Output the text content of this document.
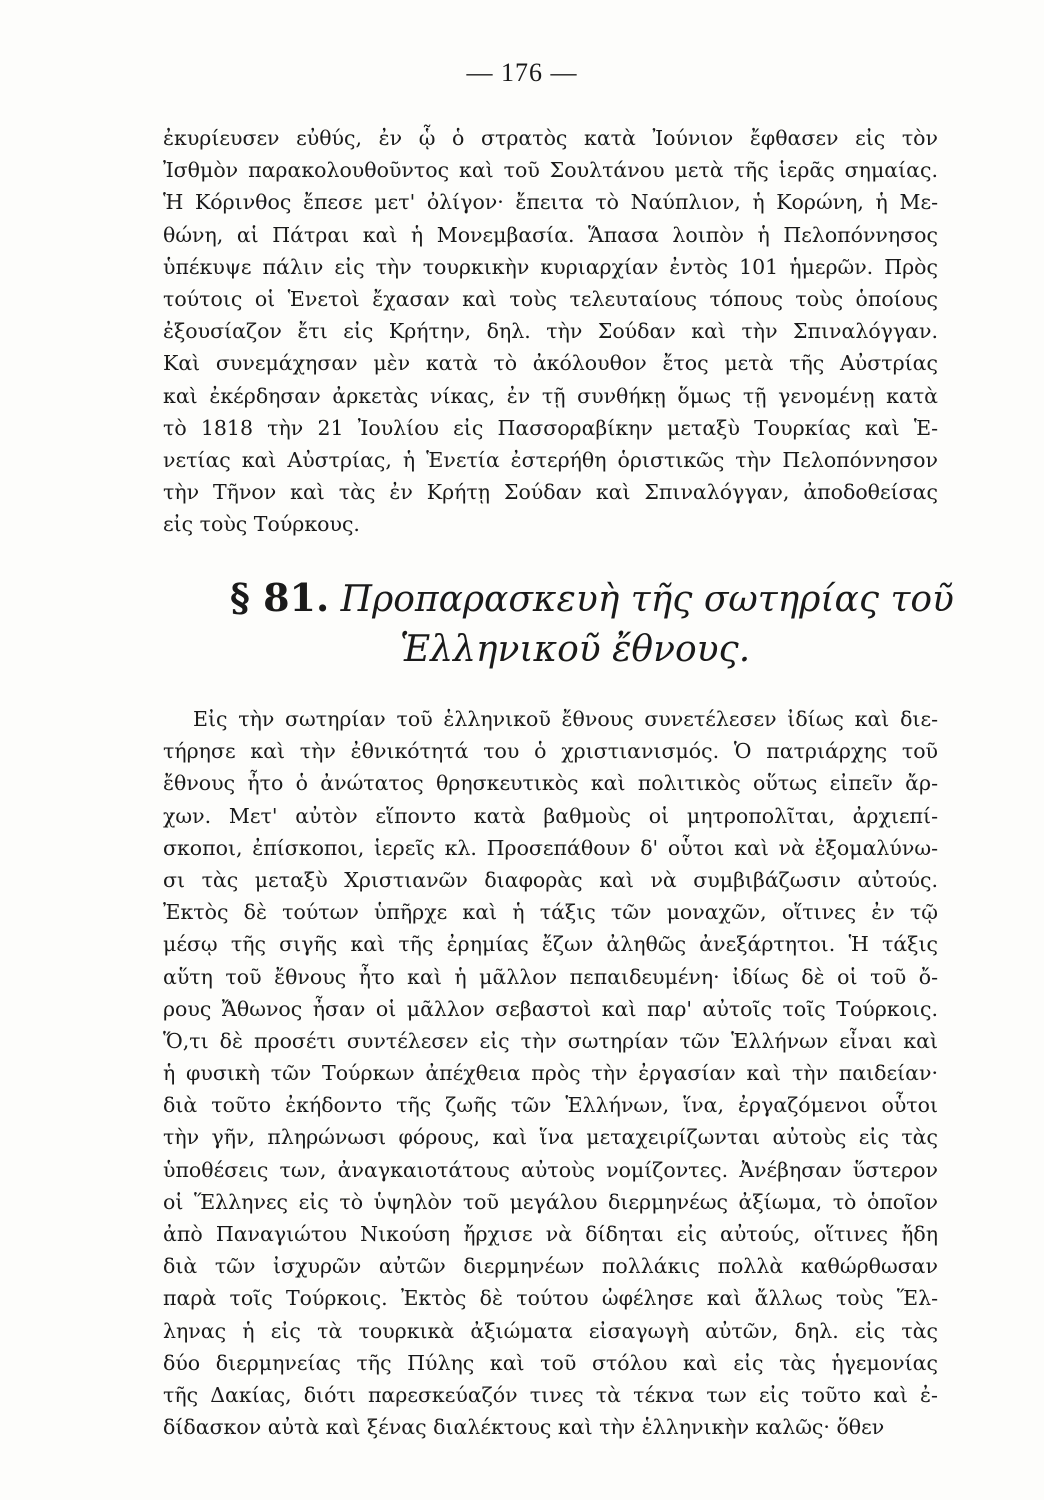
— 176 —
ἐκυρίευσεν εὐθύς, ἐν ᾧ ὁ στρατὸς κατὰ Ἰούνιον ἔφθασεν εἰς τὸν
Ἰσθμὸν παρακολουθοῦντος καὶ τοῦ Σουλτάνου μετὰ τῆς ἱερᾶς σημαίας.
Ἡ Κόρινθος ἔπεσε μετ' ὀλίγον· ἔπειτα τὸ Ναύπλιον, ἡ Κορώνη, ἡ Με-
θώνη, αἱ Πάτραι καὶ ἡ Μονεμβασία. Ἅπασα λοιπὸν ἡ Πελοπόννησος
ὑπέκυψε πάλιν εἰς τὴν τουρκικὴν κυριαρχίαν ἐντὸς 101 ἡμερῶν. Πρὸς
τούτοις οἱ Ἑνετοὶ ἔχασαν καὶ τοὺς τελευταίους τόπους τοὺς ὁποίους
ἐξουσίαζον ἔτι εἰς Κρήτην, δηλ. τὴν Σούδαν καὶ τὴν Σπιναλόγγαν.
Καὶ συνεμάχησαν μὲν κατὰ τὸ ἀκόλουθον ἔτος μετὰ τῆς Αὐστρίας
καὶ ἐκέρδησαν ἀρκετὰς νίκας, ἐν τῇ συνθήκῃ ὅμως τῇ γενομένῃ κατὰ
τὸ 1818 τὴν 21 Ἰουλίου εἰς Πασσοραβίκην μεταξὺ Τουρκίας καὶ Ἑ-
νετίας καὶ Αὐστρίας, ἡ Ἑνετία ἐστερήθη ὁριστικῶς τὴν Πελοπόννησον
τὴν Τῆνον καὶ τὰς ἐν Κρήτῃ Σούδαν καὶ Σπιναλόγγαν, ἀποδοθείσας
εἰς τοὺς Τούρκους.
§ 81. Προπαρασκευὴ τῆς σωτηρίας τοῦ
Ἑλληνικοῦ ἔθνους.
Εἰς τὴν σωτηρίαν τοῦ ἑλληνικοῦ ἔθνους συνετέλεσεν ἰδίως καὶ διε-
τήρησε καὶ τὴν ἐθνικότητά του ὁ χριστιανισμός. Ὁ πατριάρχης τοῦ
ἔθνους ἦτο ὁ ἀνώτατος θρησκευτικὸς καὶ πολιτικὸς οὕτως εἰπεῖν ἄρ-
χων. Μετ' αὐτὸν εἵποντο κατὰ βαθμοὺς οἱ μητροπολῖται, ἀρχιεπί-
σκοποι, ἐπίσκοποι, ἱερεῖς κλ. Προσεπάθουν δ' οὗτοι καὶ νὰ ἐξομαλύνω-
σι τὰς μεταξὺ Χριστιανῶν διαφορὰς καὶ νὰ συμβιβάζωσιν αὐτούς.
Ἐκτὸς δὲ τούτων ὑπῆρχε καὶ ἡ τάξις τῶν μοναχῶν, οἵτινες ἐν τῷ
μέσῳ τῆς σιγῆς καὶ τῆς ἐρημίας ἔζων ἀληθῶς ἀνεξάρτητοι. Ἡ τάξις
αὕτη τοῦ ἔθνους ἦτο καὶ ἡ μᾶλλον πεπαιδευμένη· ἰδίως δὲ οἱ τοῦ ὄ-
ρους Ἄθωνος ἦσαν οἱ μᾶλλον σεβαστοὶ καὶ παρ' αὐτοῖς τοῖς Τούρκοις.
Ὅ,τι δὲ προσέτι συντέλεσεν εἰς τὴν σωτηρίαν τῶν Ἑλλήνων εἶναι καὶ
ἡ φυσικὴ τῶν Τούρκων ἀπέχθεια πρὸς τὴν ἐργασίαν καὶ τὴν παιδείαν·
διὰ τοῦτο ἐκήδοντο τῆς ζωῆς τῶν Ἑλλήνων, ἵνα, ἐργαζόμενοι οὗτοι
τὴν γῆν, πληρώνωσι φόρους, καὶ ἵνα μεταχειρίζωνται αὐτοὺς εἰς τὰς
ὑποθέσεις των, ἀναγκαιοτάτους αὐτοὺς νομίζοντες. Ἀνέβησαν ὕστερον
οἱ Ἕλληνες εἰς τὸ ὑψηλὸν τοῦ μεγάλου διερμηνέως ἀξίωμα, τὸ ὁποῖον
ἀπὸ Παναγιώτου Νικούση ἤρχισε νὰ δίδηται εἰς αὐτούς, οἵτινες ἤδη
διὰ τῶν ἰσχυρῶν αὐτῶν διερμηνέων πολλάκις πολλὰ καθώρθωσαν
παρὰ τοῖς Τούρκοις. Ἐκτὸς δὲ τούτου ὠφέλησε καὶ ἄλλως τοὺς Ἕλ-
ληνας ἡ εἰς τὰ τουρκικὰ ἀξιώματα εἰσαγωγὴ αὐτῶν, δηλ. εἰς τὰς
δύο διερμηνείας τῆς Πύλης καὶ τοῦ στόλου καὶ εἰς τὰς ἡγεμονίας
τῆς Δακίας, διότι παρεσκεύαζόν τινες τὰ τέκνα των εἰς τοῦτο καὶ ἐ-
δίδασκον αὐτὰ καὶ ξένας διαλέκτους καὶ τὴν ἑλληνικὴν καλῶς· ὅθεν
